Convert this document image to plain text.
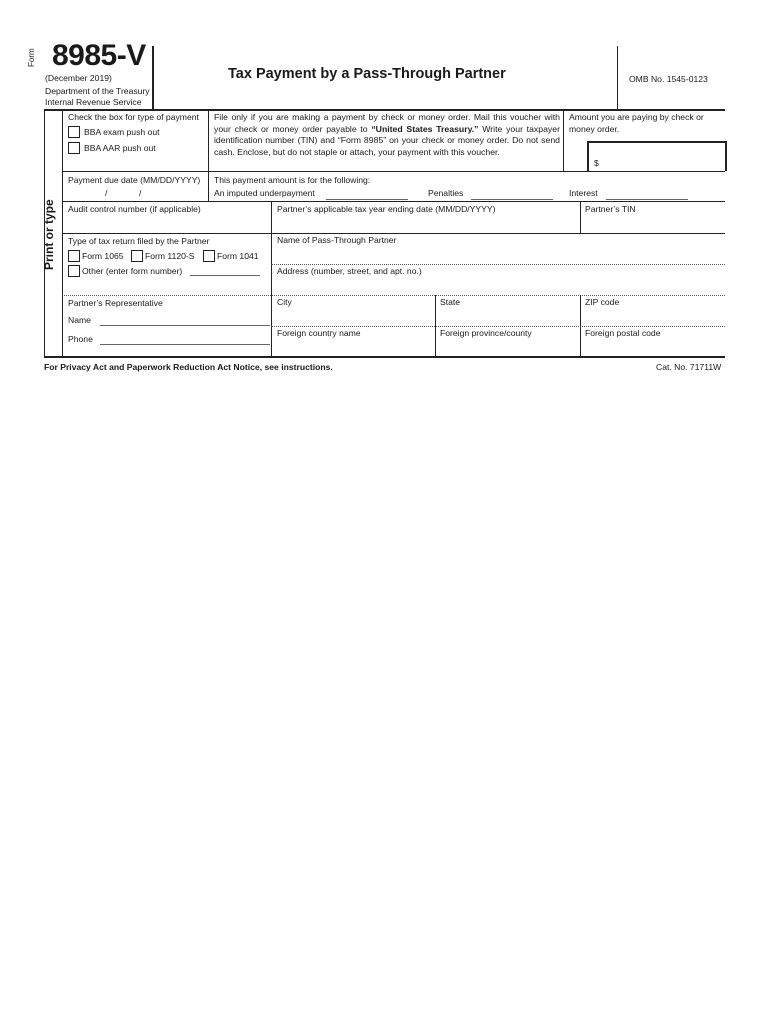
Form 8985-V
(December 2019)
Department of the Treasury
Internal Revenue Service
Tax Payment by a Pass-Through Partner	OMB No. 1545-0123
Print or type
Check the box for type of payment
BBA exam push out
BBA AAR push out
File only if you are making a payment by check or money order. Mail this voucher with your check or money order payable to “United States Treasury.” Write your taxpayer identification number (TIN) and “Form 8985” on your check or money order. Do not send cash. Enclose, but do not staple or attach, your payment with this voucher.
Amount you are paying by check or money order.
$
Payment due date (MM/DD/YYYY)
/	/
This payment amount is for the following:
An imputed underpayment	Penalties	Interest
Audit control number (if applicable)	Partner’s applicable tax year ending date (MM/DD/YYYY)	Partner’s TIN
Type of tax return filed by the Partner
Form 1065 Form 1120-S	Form 1041
Other (enter form number)
Name of Pass-Through Partner
Address (number, street, and apt. no.)
Partner’s Representative
Name
Phone
City	State	ZIP code
Foreign country name	Foreign province/county	Foreign postal code
For Privacy Act and Paperwork Reduction Act Notice, see instructions.	Cat. No. 71711W
